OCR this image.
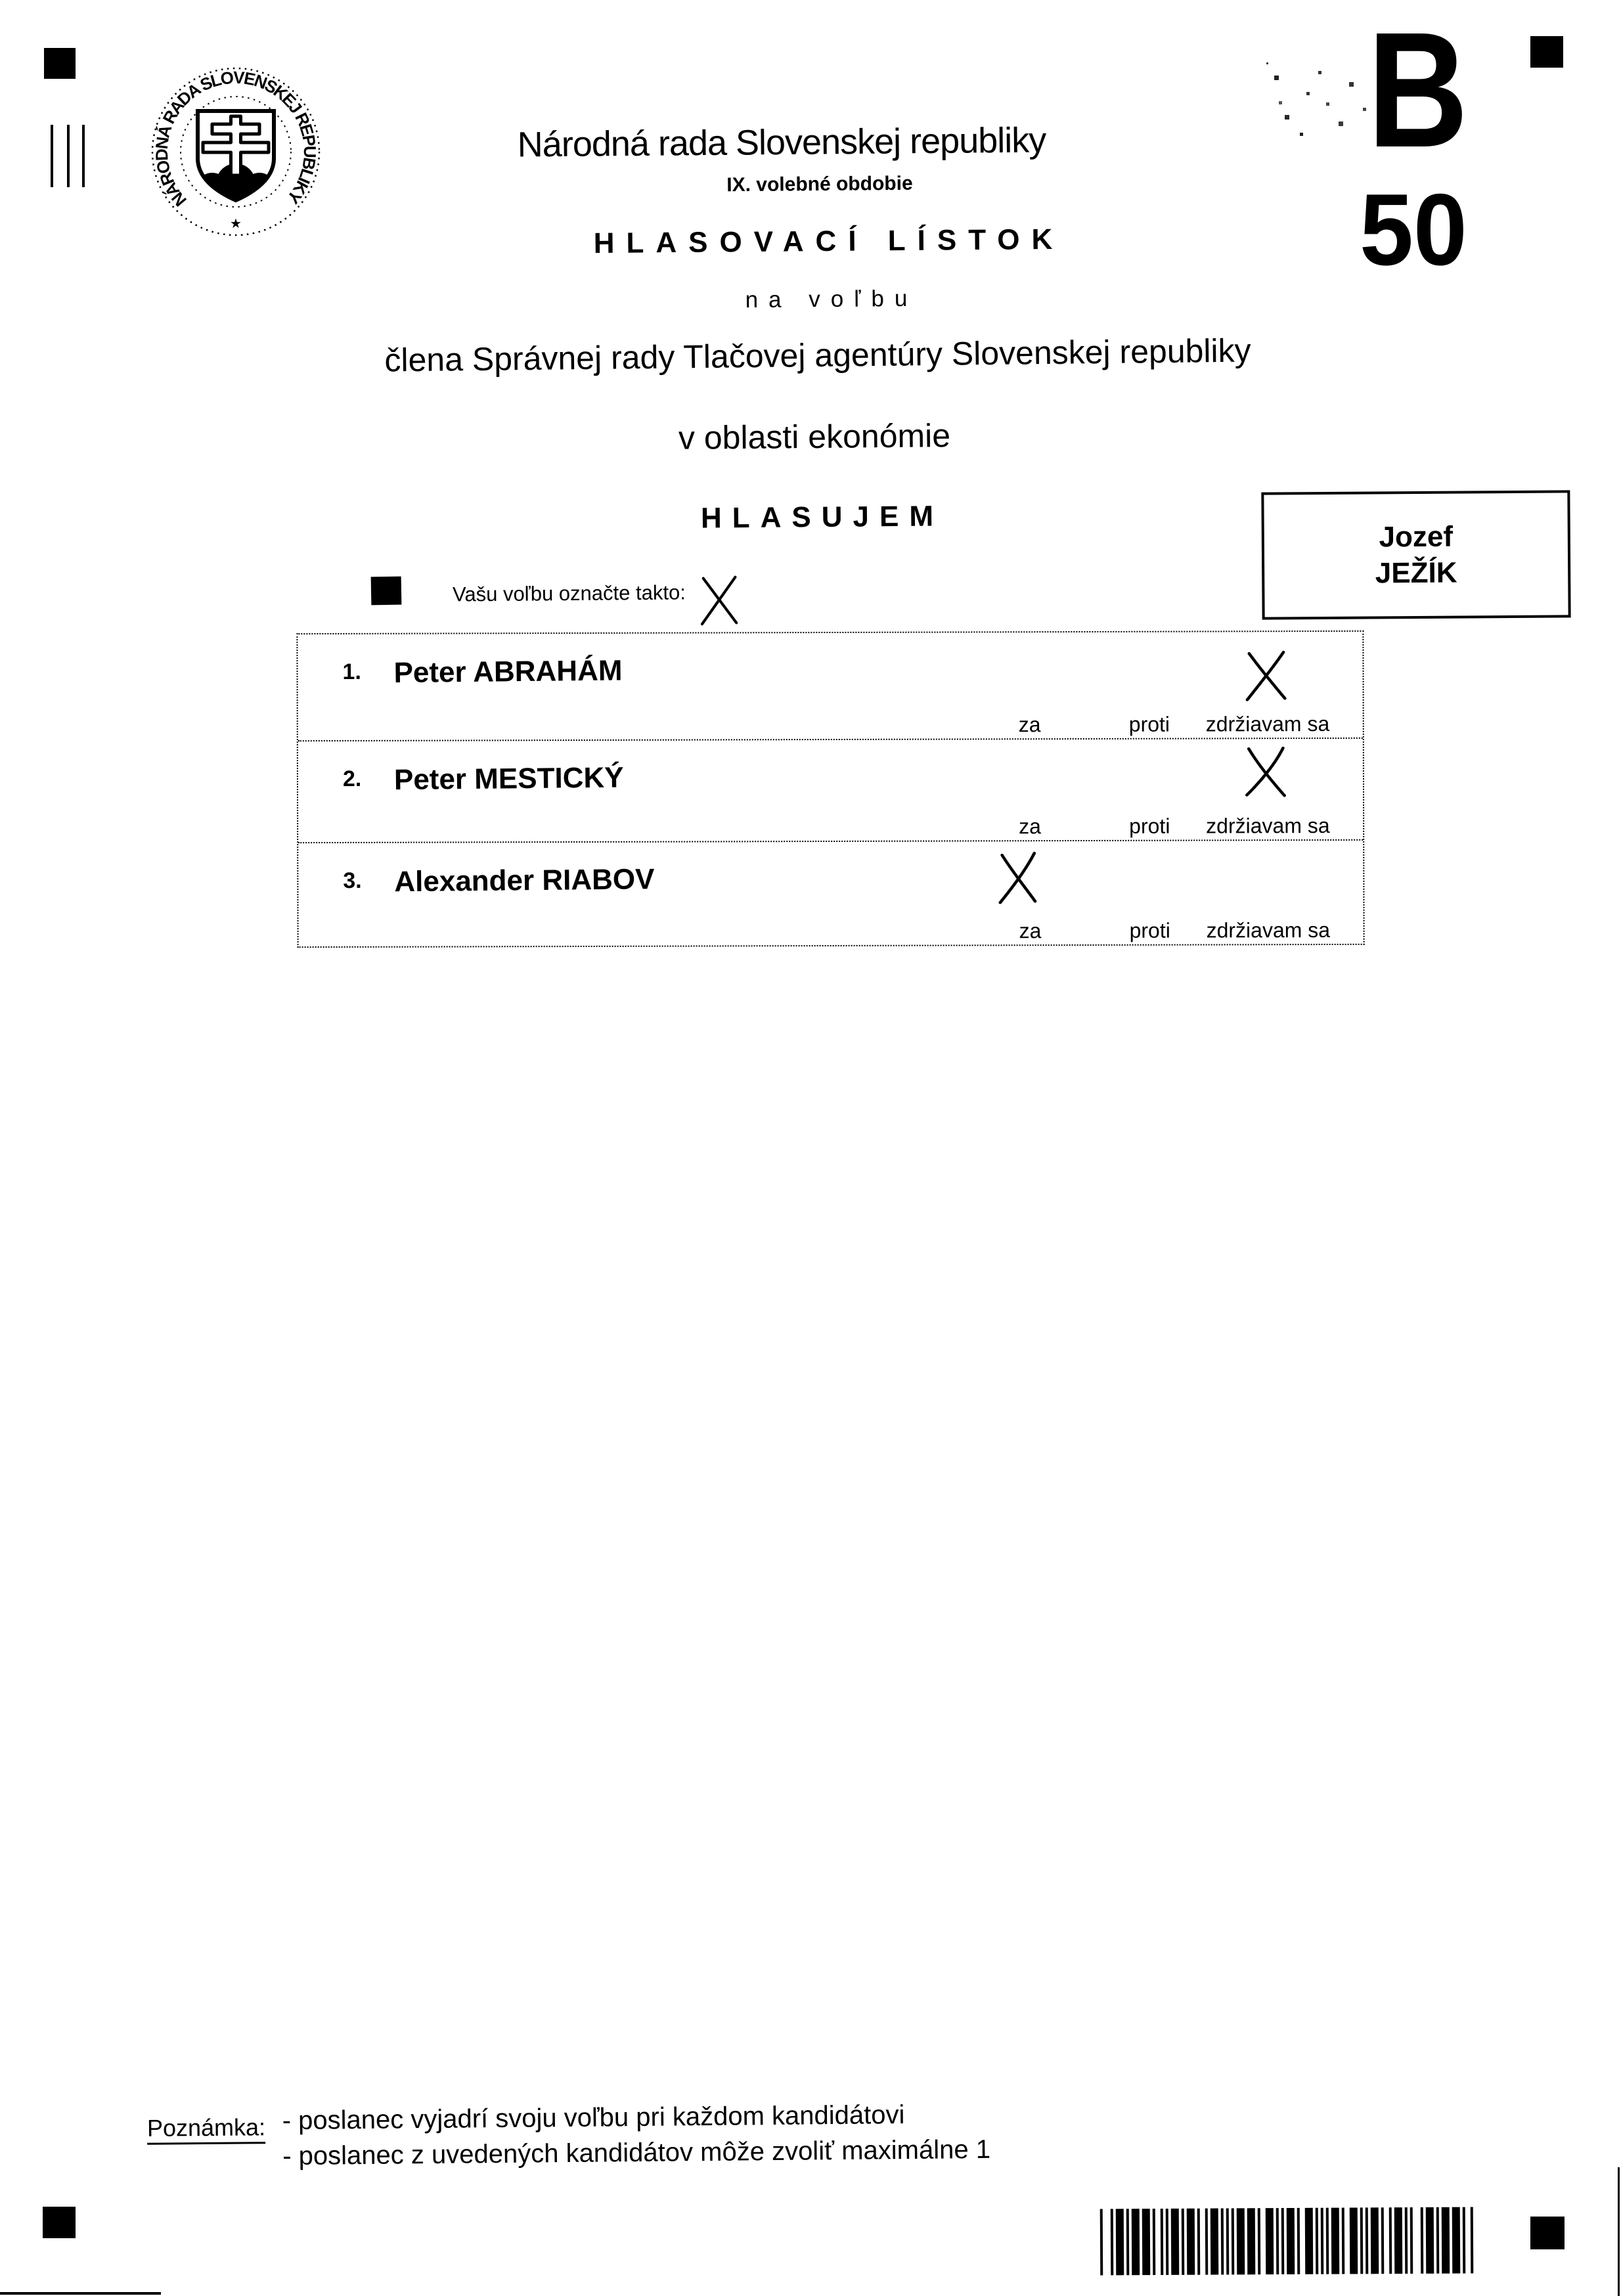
NÁRODNÁ RADA SLOVENSKEJ REPUBLIKY
★
Národná rada Slovenskej republiky
IX. volebné obdobie
HLASOVACÍ LÍSTOK
na voľbu
člena Správnej rady Tlačovej agentúry Slovenskej republiky
v oblasti ekonómie
HLASUJEM
B
50
Jozef
JEŽÍK
Vašu voľbu označte takto:
1. Peter ABRAHÁM
za	proti zdržiavam sa
2. Peter MESTICKÝ
za	proti zdržiavam sa
3. Alexander RIABOV
za	proti zdržiavam sa
Poznámka: - poslanec vyjadrí svoju voľbu pri každom kandidátovi
- poslanec z uvedených kandidátov môže zvoliť maximálne 1
